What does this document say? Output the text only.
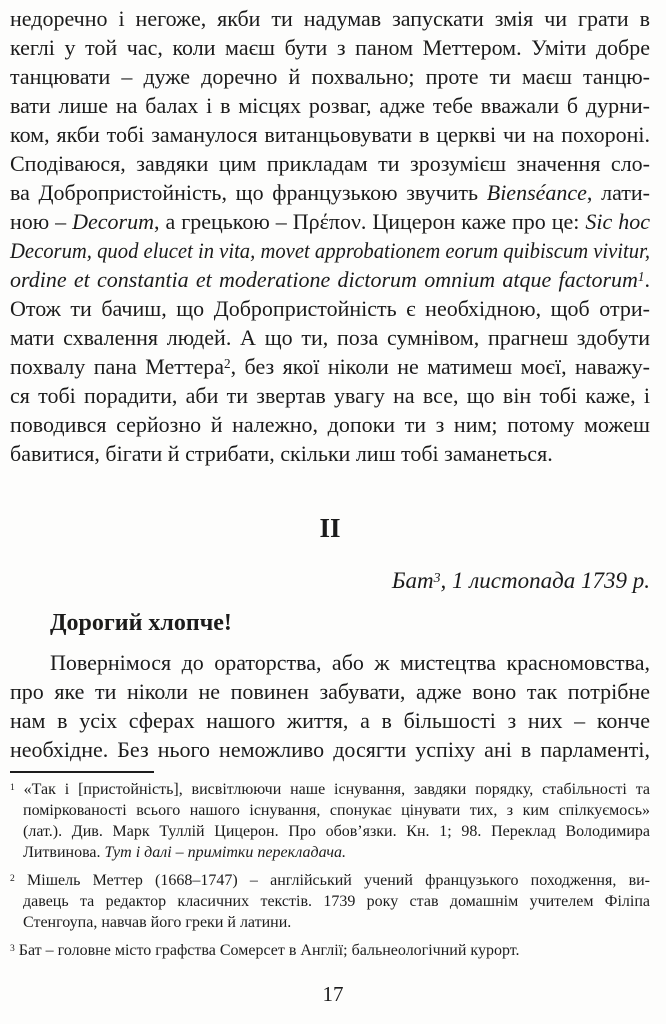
недоречно і негоже, якби ти надумав запускати змія чи грати в
кеглі у той час, коли маєш бути з паном Меттером. Уміти добре
танцювати – дуже доречно й похвально; проте ти маєш танцю-
вати лише на балах і в місцях розваг, адже тебе вважали б дурни-
ком, якби тобі заманулося витанцьовувати в церкві чи на похороні.
Сподіваюся, завдяки цим прикладам ти зрозумієш значення сло-
ва Добропристойність, що французькою звучить Bienséance, лати-
ною – Decorum, а грецькою – Πρέπον. Цицерон каже про це: Sic hoc
Decorum, quod elucet in vita, movet approbationem eorum quibiscum vivitur,
ordine et constantia et moderatione dictorum omnium atque factorum$^1$.
Отож ти бачиш, що Добропристойність є необхідною, щоб отри-
мати схвалення людей. А що ти, поза сумнівом, прагнеш здобути
похвалу пана Меттера$^2$, без якої ніколи не матимеш моєї, наважу-
ся тобі порадити, аби ти звертав увагу на все, що він тобі каже, і
поводився серйозно й належно, допоки ти з ним; потому можеш
бавитися, бігати й стрибати, скільки лиш тобі заманеться.
II
Бат$^3$, 1 листопада 1739 р.
Дорогий хлопче!
Повернімося до ораторства, або ж мистецтва красномовства,
про яке ти ніколи не повинен забувати, адже воно так потрібне
нам в усіх сферах нашого життя, а в більшості з них – конче
необхідне. Без нього неможливо досягти успіху ані в парламенті,
$^1$ «Так і [пристойність], висвітлюючи наше існування, завдяки порядку, стабільності та
поміркованості всього нашого існування, спонукає цінувати тих, з ким спілкуємось»
(лат.). Див. Марк Туллій Цицерон. Про обов’язки. Кн. 1; 98. Переклад Володимира
Литвинова. Тут і далі – примітки перекладача.
$^2$ Мішель Меттер (1668–1747) – англійський учений французького походження, ви-
давець та редактор класичних текстів. 1739 року став домашнім учителем Філіпа
Стенгоупа, навчав його греки й латини.
$^3$ Бат – головне місто графства Сомерсет в Англії; бальнеологічний курорт.
17
